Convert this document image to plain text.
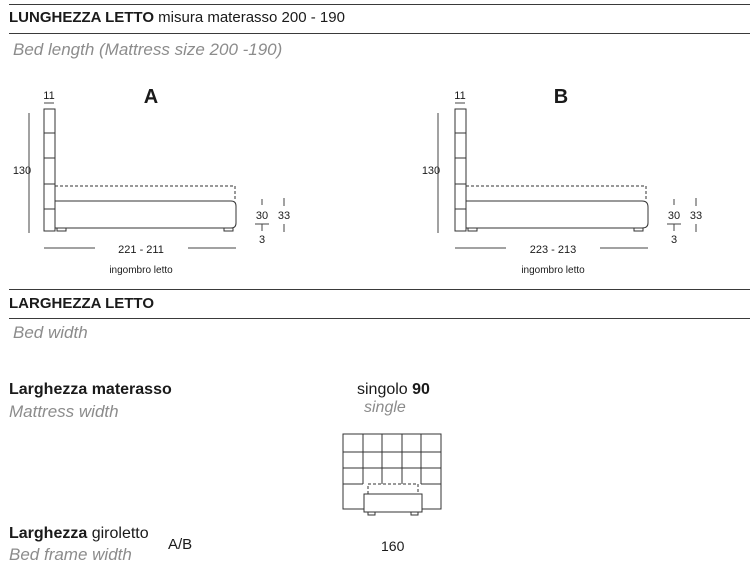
LUNGHEZZA LETTO misura materasso 200 - 190
Bed length (Mattress size 200 -190)
A
11
130
30
3
33
221 - 211
ingombro letto
B
11
130
30
3
33
223 - 213
ingombro letto
LARGHEZZA LETTO
Bed width
Larghezza materasso
Mattress width
singolo 90
single
Larghezza giroletto
Bed frame width
A/B	160
